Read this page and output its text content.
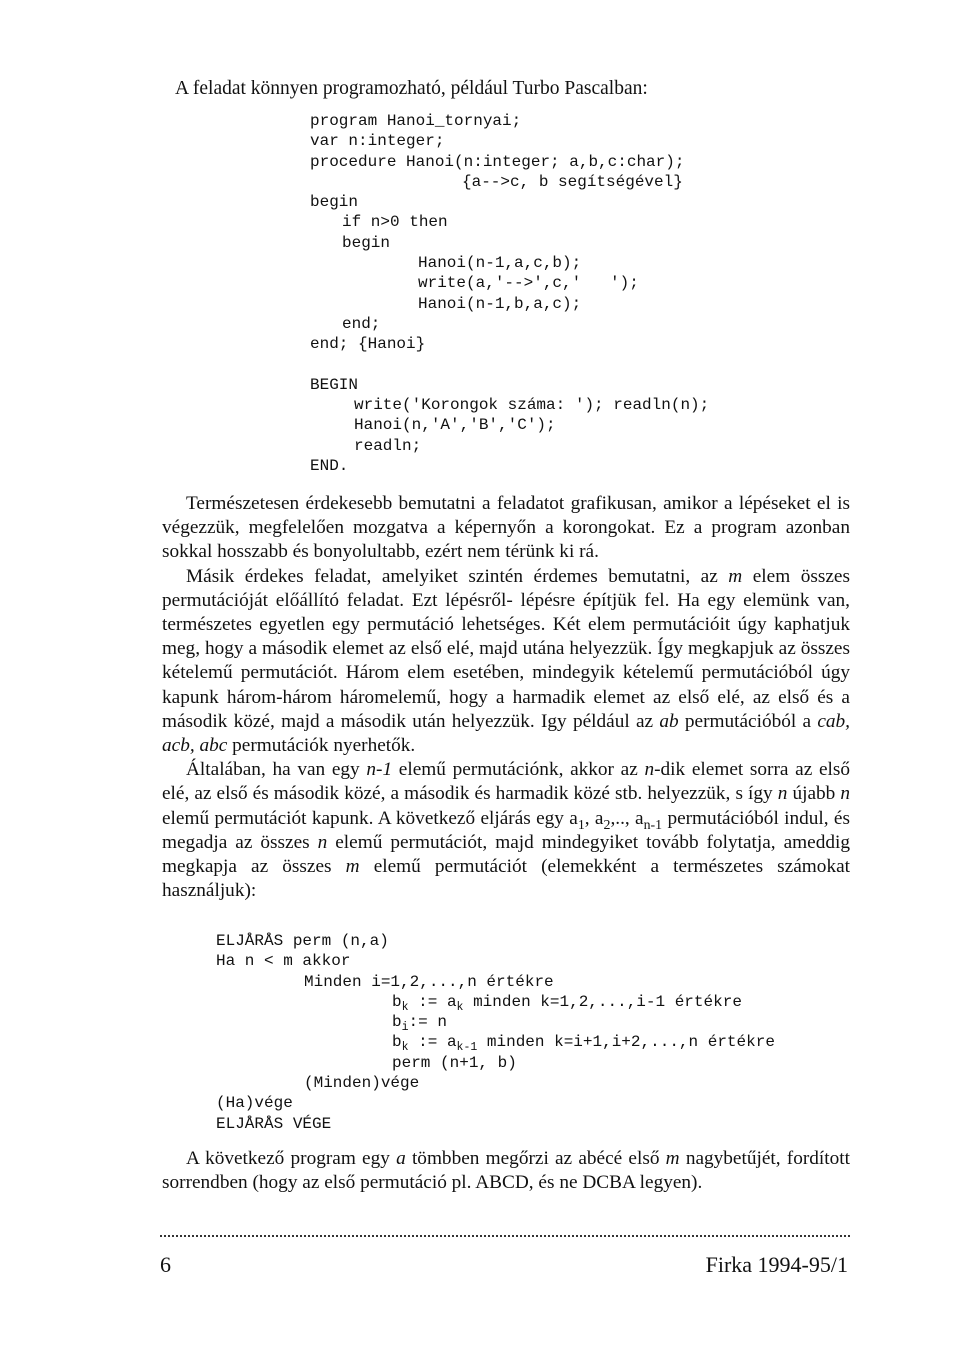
A feladat könnyen programozható, például Turbo Pascalban:
program Hanoi_tornyai;
var n:integer;
procedure Hanoi(n:integer; a,b,c:char);
{a-->c, b segítségével}
begin
if n>0 then
begin
Hanoi(n-1,a,c,b);
write(a,'-->',c,'   ');
Hanoi(n-1,b,a,c);
end;
end; {Hanoi}
BEGIN
write('Korongok száma: '); readln(n);
Hanoi(n,'A','B','C');
readln;
END.

Természetesen érdekesebb bemutatni a feladatot grafikusan, amikor a lépéseket el is végezzük, megfelelően mozgatva a képernyőn a korongokat. Ez a program azonban sokkal hosszabb és bonyolultabb, ezért nem térünk ki rá.

Másik érdekes feladat, amelyiket szintén érdemes bemutatni, az m elem összes permutációját előállító feladat. Ezt lépésről- lépésre építjük fel. Ha egy elemünk van, természetes egyetlen egy permutáció lehetséges. Két elem permutációit úgy kaphatjuk meg, hogy a második elemet az első elé, majd utána helyezzük. Így megkapjuk az összes kételemű permutációt. Három elem esetében, mindegyik kételemű permutációból úgy kapunk három-három háromelemű, hogy a harmadik elemet az első elé, az első és a második közé, majd a második után helyezzük. Igy például az ab permutációból a cab, acb, abc permutációk nyerhetők.

Általában, ha van egy n-1 elemű permutációnk, akkor az n-dik elemet sorra az első elé, az első és második közé, a második és harmadik közé stb. helyezzük, s így n újabb n elemű permutációt kapunk. A következő eljárás egy $a_1$, $a_2$,.., $a_{n-1}$ permutációból indul, és megadja az összes n elemű permutációt, majd mindegyiket tovább folytatja, ameddig megkapja az összes m elemű permutációt (elemekként a természetes számokat használjuk):

ELJÅRÅS perm (n,a)
Ha n < m akkor
Minden i=1,2,...,n értékre
$b_k$ := $a_k$ minden k=1,2,...,i-1 értékre
$b_i:= n$
$b_k$ := $a_{k-1}$ minden k=i+1,i+2,...,n értékre
perm (n+1, b)
(Minden)vége
(Ha)vége
ELJÅRÅS VÉGE

A következő program egy a tömbben megőrzi az abécé első m nagybetűjét, fordított sorrendben (hogy az első permutáció pl. ABCD, és ne DCBA legyen).

6	Firka 1994-95/1
